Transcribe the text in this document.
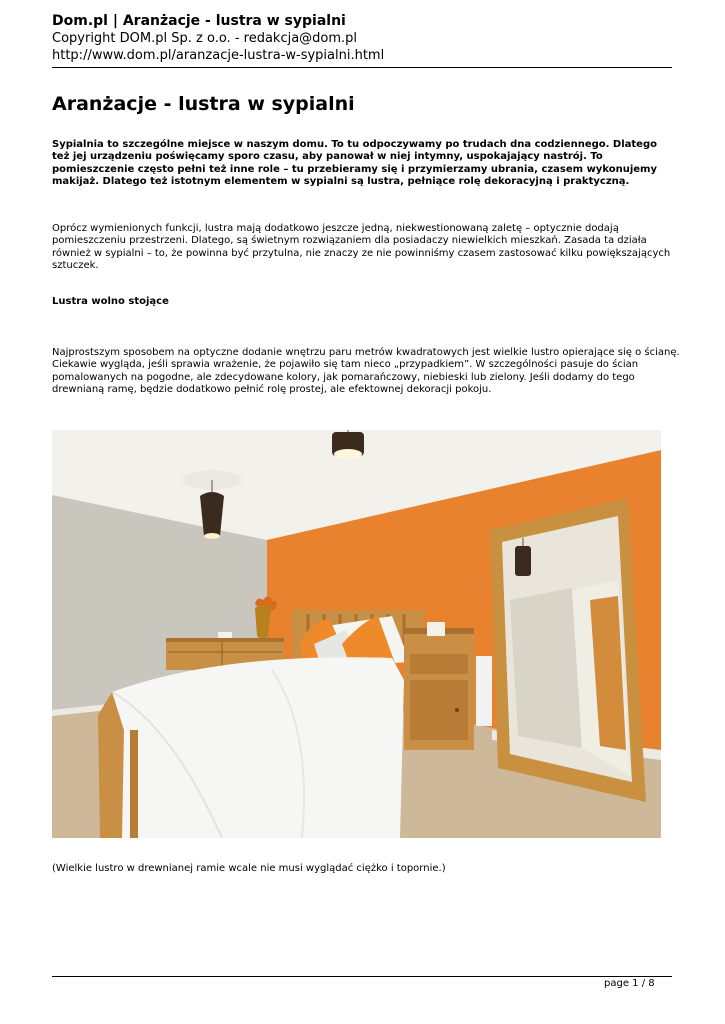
Dom.pl | Aranżacje - lustra w sypialni
Copyright DOM.pl Sp. z o.o. - redakcja@dom.pl
http://www.dom.pl/aranzacje-lustra-w-sypialni.html
Aranżacje - lustra w sypialni

Sypialnia to szczególne miejsce w naszym domu. To tu odpoczywamy po trudach dna codziennego. Dlatego też jej urządzeniu poświęcamy sporo czasu, aby panował w niej intymny, uspokajający nastrój. To pomieszczenie często pełni też inne role – tu przebieramy się i przymierzamy ubrania, czasem wykonujemy makijaż. Dlatego też istotnym elementem w sypialni są lustra, pełniące rolę dekoracyjną i praktyczną.

Oprócz wymienionych funkcji, lustra mają dodatkowo jeszcze jedną, niekwestionowaną zaletę – optycznie dodają pomieszczeniu przestrzeni. Dlatego, są świetnym rozwiązaniem dla posiadaczy niewielkich mieszkań. Zasada ta działa również w sypialni – to, że powinna być przytulna, nie znaczy ze nie powinniśmy czasem zastosować kilku powiększających sztuczek.

Lustra wolno stojące

Najprostszym sposobem na optyczne dodanie wnętrzu paru metrów kwadratowych jest wielkie lustro opierające się o ścianę. Ciekawie wygląda, jeśli sprawia wrażenie, że pojawiło się tam nieco „przypadkiem”. W szczególności pasuje do ścian pomalowanych na pogodne, ale zdecydowane kolory, jak pomarańczowy, niebieski lub zielony. Jeśli dodamy do tego drewnianą ramę, będzie dodatkowo pełnić rolę prostej, ale efektownej dekoracji pokoju.

(Wielkie lustro w drewnianej ramie wcale nie musi wyglądać ciężko i topornie.)

page 1 / 8
